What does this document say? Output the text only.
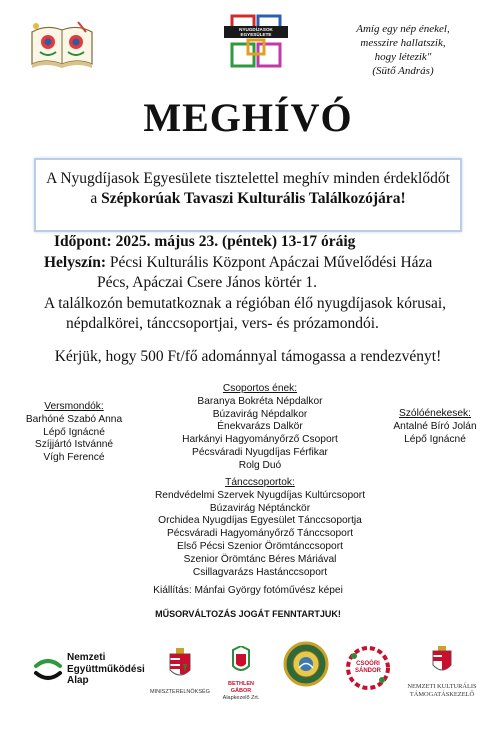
NYUGDÍJASOK EGYESÜLETE	Amíg egy nép énekel,
messzire hallatszik,
hogy létezik"
(Sütő András)
MEGHÍVÓ
A Nyugdíjasok Egyesülete tisztelettel meghív minden érdeklődőt
a Szépkorúak Tavaszi Kulturális Találkozójára!
Időpont: 2025. május 23. (péntek) 13-17 óráig
Helyszín: Pécsi Kulturális Központ Apáczai Művelődési Háza
Pécs, Apáczai Csere János körtér 1.
A találkozón bemutatkoznak a régióban élő nyugdíjasok kórusai,
népdalkörei, tánccsoportjai, vers- és prózamondói.
Kérjük, hogy 500 Ft/fő adománnyal támogassa a rendezvényt!
Csoportos ének:
Baranya Bokréta Népdalkor
Búzavirág Népdalkor
Énekvarázs Dalkör
Harkányi Hagyományőrző Csoport
Pécsváradi Nyugdíjas Férfikar
Rolg Duó
Versmondók:
Barhóné Szabó Anna
Lépő Ignácné
Szíjjártó Istvánné
Vígh Ferencé
Szólóénekesek:
Antalné Bíró Jolán
Lépő Ignácné
Tánccsoportok:
Rendvédelmi Szervek Nyugdíjas Kultúrcsoport
Búzavirág Néptánckör
Orchidea Nyugdíjas Egyesület Tánccsoportja
Pécsváradi Hagyományőrző Tánccsoport
Első Pécsi Szenior Örömtánccsoport
Szenior Örömtánc Béres Máriával
Csillagvarázs Hastánccsoport
Kiállítás: Mánfai György fotóművész képei
MŰSORVÁLTOZÁS JOGÁT FENNTARTJUK!
Nemzeti
Együttműködési
Alap
MINISZTERELNÖKSÉG
BETHLEN GÁBOR
Alapkezelő Zrt.
CSOÓRI
SÁNDOR
NEMZETI KULTURÁLIS
TÁMOGATÁSKEZELŐ
